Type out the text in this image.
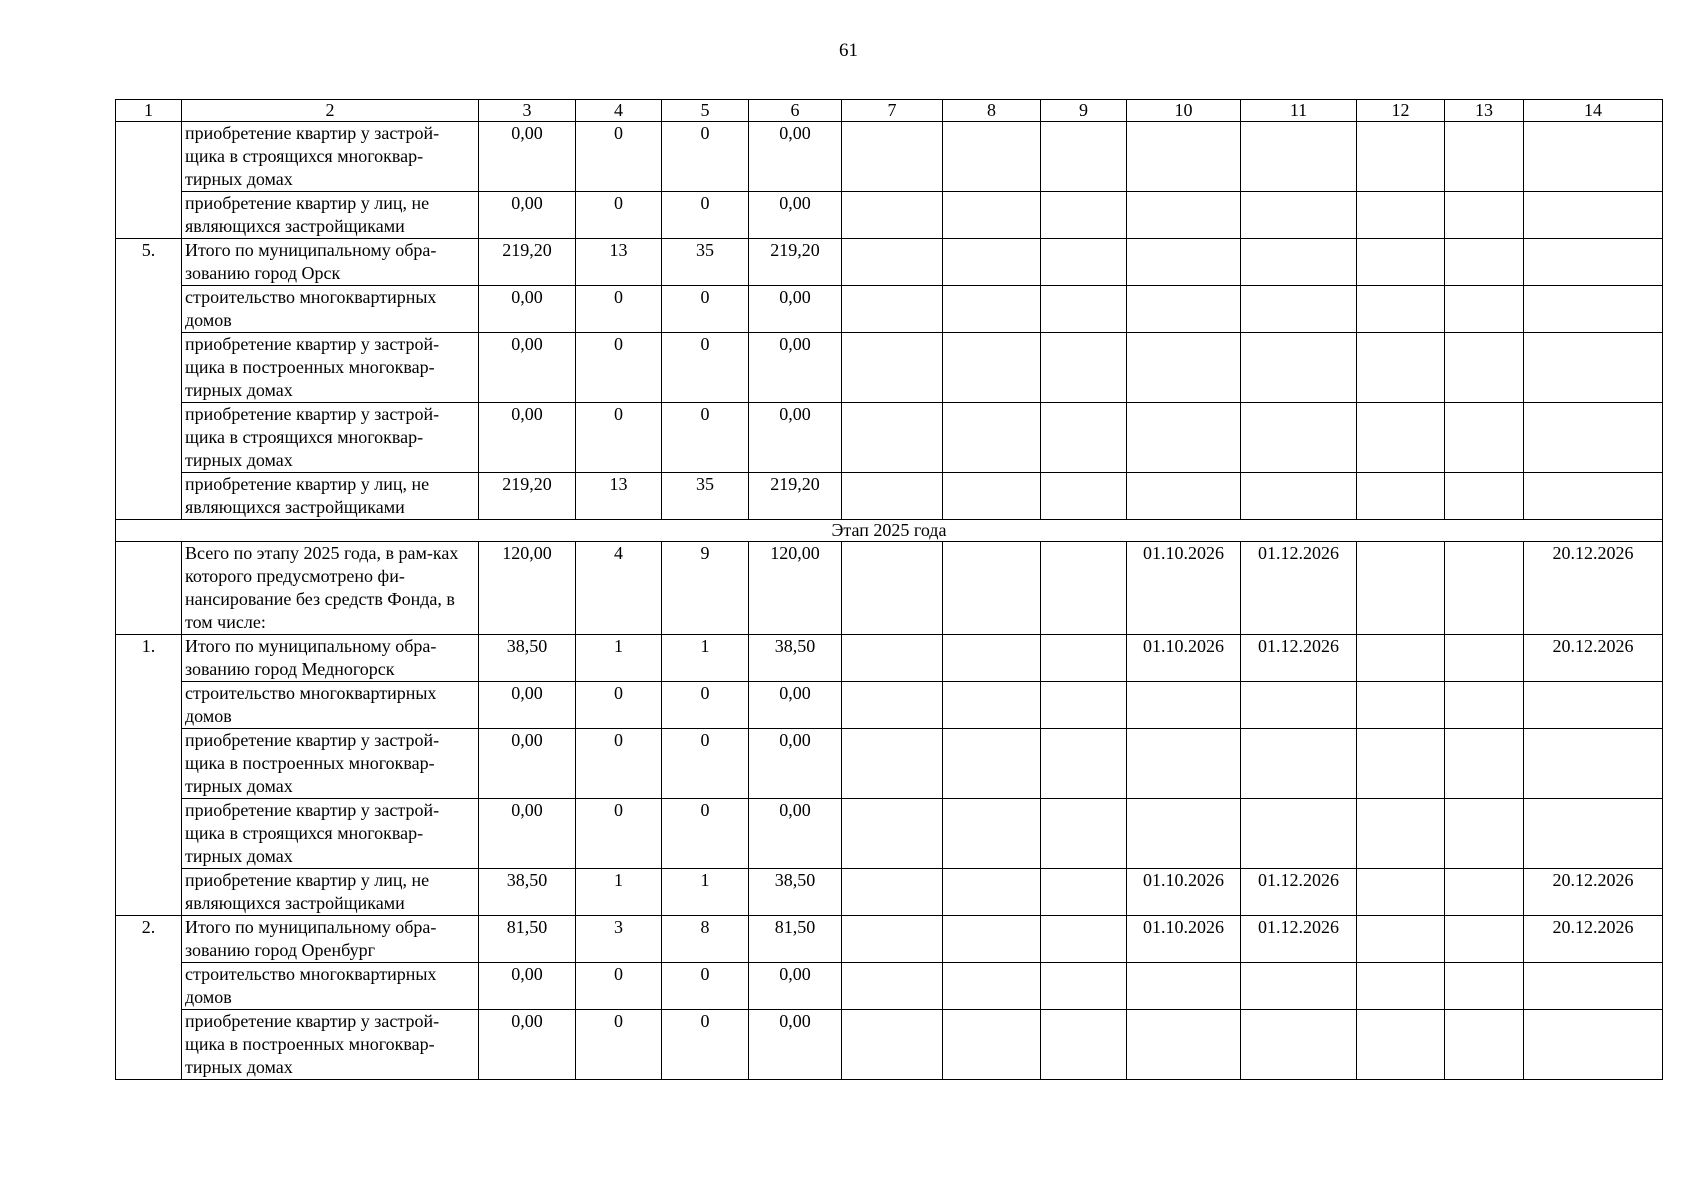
61
1	2	3	4	5	6	7	8	9	10	11	12	13	14
	приобретение квартир у застрой-щика в строящихся многоквар-тирных домах	0,00	0	0	0,00								
	приобретение квартир у лиц, не являющихся застройщиками	0,00	0	0	0,00								
5.	Итого по муниципальному обра-зованию город Орск	219,20	13	35	219,20								
	строительство многоквартирных домов	0,00	0	0	0,00								
	приобретение квартир у застрой-щика в построенных многоквар-тирных домах	0,00	0	0	0,00								
	приобретение квартир у застрой-щика в строящихся многоквар-тирных домах	0,00	0	0	0,00								
	приобретение квартир у лиц, не являющихся застройщиками	219,20	13	35	219,20								
Этап 2025 года													
	Всего по этапу 2025 года, в рам-ках которого предусмотрено фи-нансирование без средств Фонда, в том числе:	120,00	4	9	120,00				01.10.2026	01.12.2026			20.12.2026
1.	Итого по муниципальному обра-зованию город Медногорск	38,50	1	1	38,50				01.10.2026	01.12.2026			20.12.2026
	строительство многоквартирных домов	0,00	0	0	0,00								
	приобретение квартир у застрой-щика в построенных многоквар-тирных домах	0,00	0	0	0,00								
	приобретение квартир у застрой-щика в строящихся многоквар-тирных домах	0,00	0	0	0,00								
	приобретение квартир у лиц, не являющихся застройщиками	38,50	1	1	38,50				01.10.2026	01.12.2026			20.12.2026
2.	Итого по муниципальному обра-зованию город Оренбург	81,50	3	8	81,50				01.10.2026	01.12.2026			20.12.2026
	строительство многоквартирных домов	0,00	0	0	0,00								
	приобретение квартир у застрой-щика в построенных многоквар-тирных домах	0,00	0	0	0,00								
